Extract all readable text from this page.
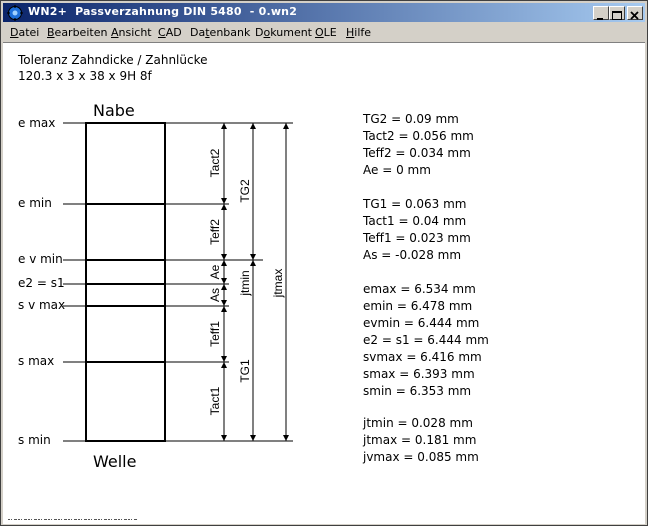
WN2+  Passverzahnung DIN 5480  - 0.wn2
Datei Bearbeiten Ansicht CAD Datenbank Dokument OLE Hilfe
Toleranz Zahndicke / Zahnlücke
120.3 x 3 x 38 x 9H 8f
Tact2
Teff2
Ae
As
Teff1
Tact1
TG2
TG1
jtmin jtmax
Nabe
Welle
e max
e min
e v min
e2 = s1
s v max
s max
s min
TG2 = 0.09 mm
Tact2 = 0.056 mm
Teff2 = 0.034 mm
Ae = 0 mm
TG1 = 0.063 mm
Tact1 = 0.04 mm
Teff1 = 0.023 mm
As = -0.028 mm
emax = 6.534 mm
emin = 6.478 mm
evmin = 6.444 mm
e2 = s1 = 6.444 mm
svmax = 6.416 mm
smax = 6.393 mm
smin = 6.353 mm
jtmin = 0.028 mm
jtmax = 0.181 mm
jvmax = 0.085 mm
